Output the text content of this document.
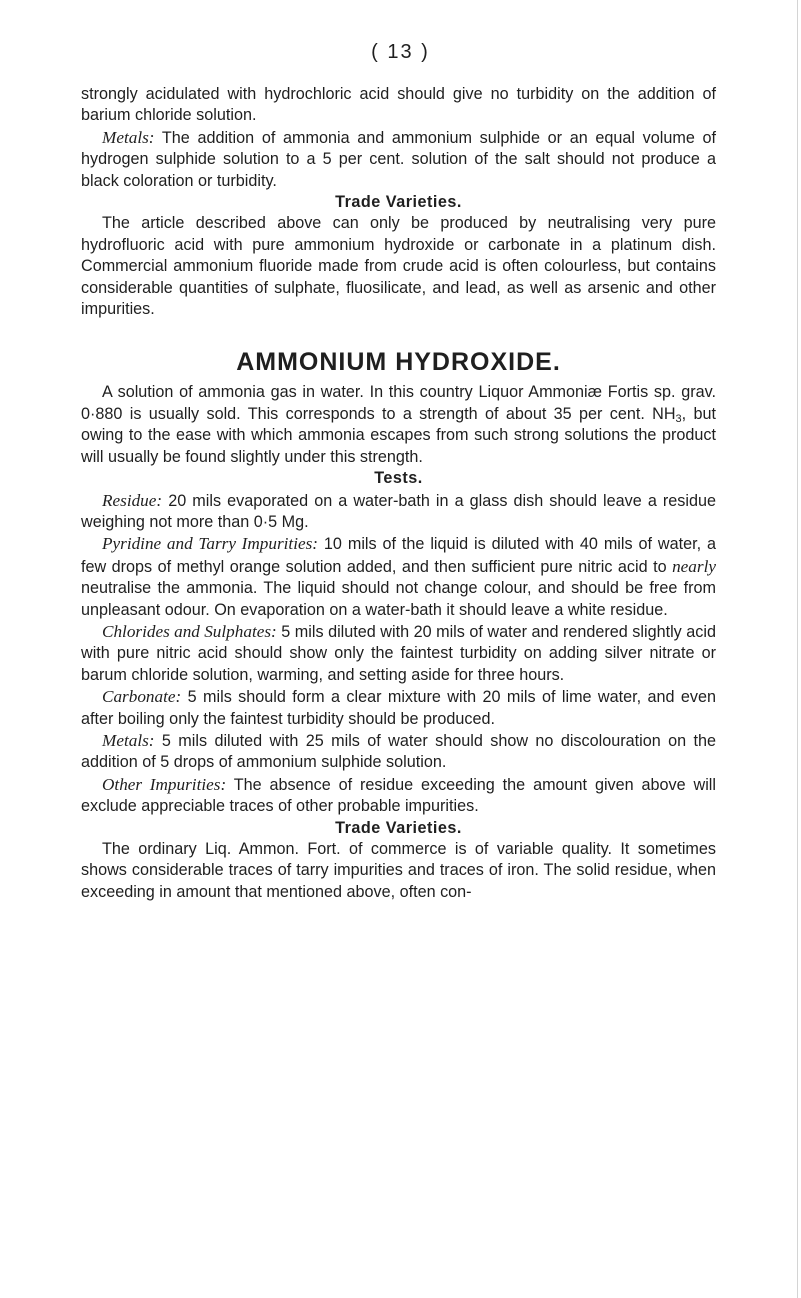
( 13 )

strongly acidulated with hydrochloric acid should give no turbidity on the addition of barium chloride solution.

Metals: The addition of ammonia and ammonium sulphide or an equal volume of hydrogen sulphide solution to a 5 per cent. solution of the salt should not produce a black coloration or turbidity.

Trade Varieties.

The article described above can only be produced by neutralising very pure hydrofluoric acid with pure ammonium hydroxide or carbonate in a platinum dish. Commercial ammonium fluoride made from crude acid is often colourless, but contains considerable quantities of sulphate, fluosilicate, and lead, as well as arsenic and other impurities.

AMMONIUM HYDROXIDE.

A solution of ammonia gas in water. In this country Liquor Ammoniæ Fortis sp. grav. 0·880 is usually sold. This corresponds to a strength of about 35 per cent. $NH_3$, but owing to the ease with which ammonia escapes from such strong solutions the product will usually be found slightly under this strength.

Tests.

Residue: 20 mils evaporated on a water-bath in a glass dish should leave a residue weighing not more than 0·5 Mg.

Pyridine and Tarry Impurities: 10 mils of the liquid is diluted with 40 mils of water, a few drops of methyl orange solution added, and then sufficient pure nitric acid to nearly neutralise the ammonia. The liquid should not change colour, and should be free from unpleasant odour. On evaporation on a water-bath it should leave a white residue.

Chlorides and Sulphates: 5 mils diluted with 20 mils of water and rendered slightly acid with pure nitric acid should show only the faintest turbidity on adding silver nitrate or barum chloride solution, warming, and setting aside for three hours.

Carbonate: 5 mils should form a clear mixture with 20 mils of lime water, and even after boiling only the faintest turbidity should be produced.

Metals: 5 mils diluted with 25 mils of water should show no discolouration on the addition of 5 drops of ammonium sulphide solution.

Other Impurities: The absence of residue exceeding the amount given above will exclude appreciable traces of other probable impurities.

Trade Varieties.

The ordinary Liq. Ammon. Fort. of commerce is of variable quality. It sometimes shows considerable traces of tarry impurities and traces of iron. The solid residue, when exceeding in amount that mentioned above, often con-
